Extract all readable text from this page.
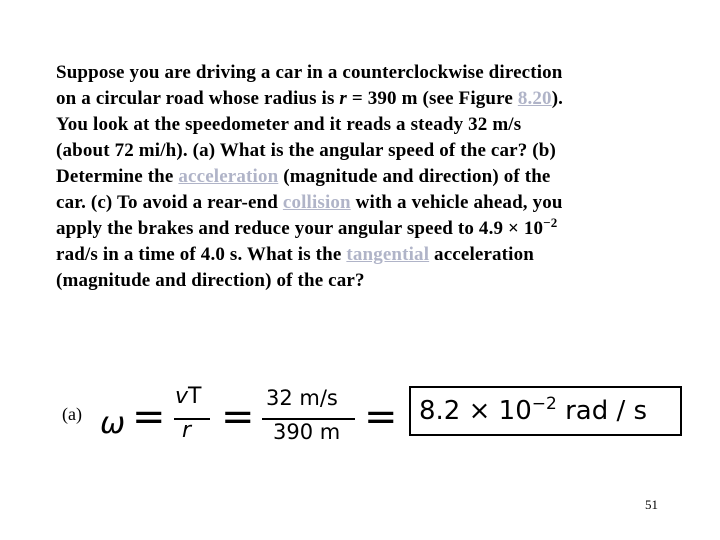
Suppose you are driving a car in a counterclockwise direction
on a circular road whose radius is r = 390 m (see Figure 8.20).
You look at the speedometer and it reads a steady 32 m/s
(about 72 mi/h). (a) What is the angular speed of the car? (b)
Determine the acceleration (magnitude and direction) of the
car. (c) To avoid a rear-end collision with a vehicle ahead, you
apply the brakes and reduce your angular speed to $4.9 \times 10^{-2}$
rad/s in a time of 4.0 s. What is the tangential acceleration
(magnitude and direction) of the car?
(a) ω = vT
r = 32 m/s
390 $m = 8.2 \times 10^{-2}$ rad / s
51
